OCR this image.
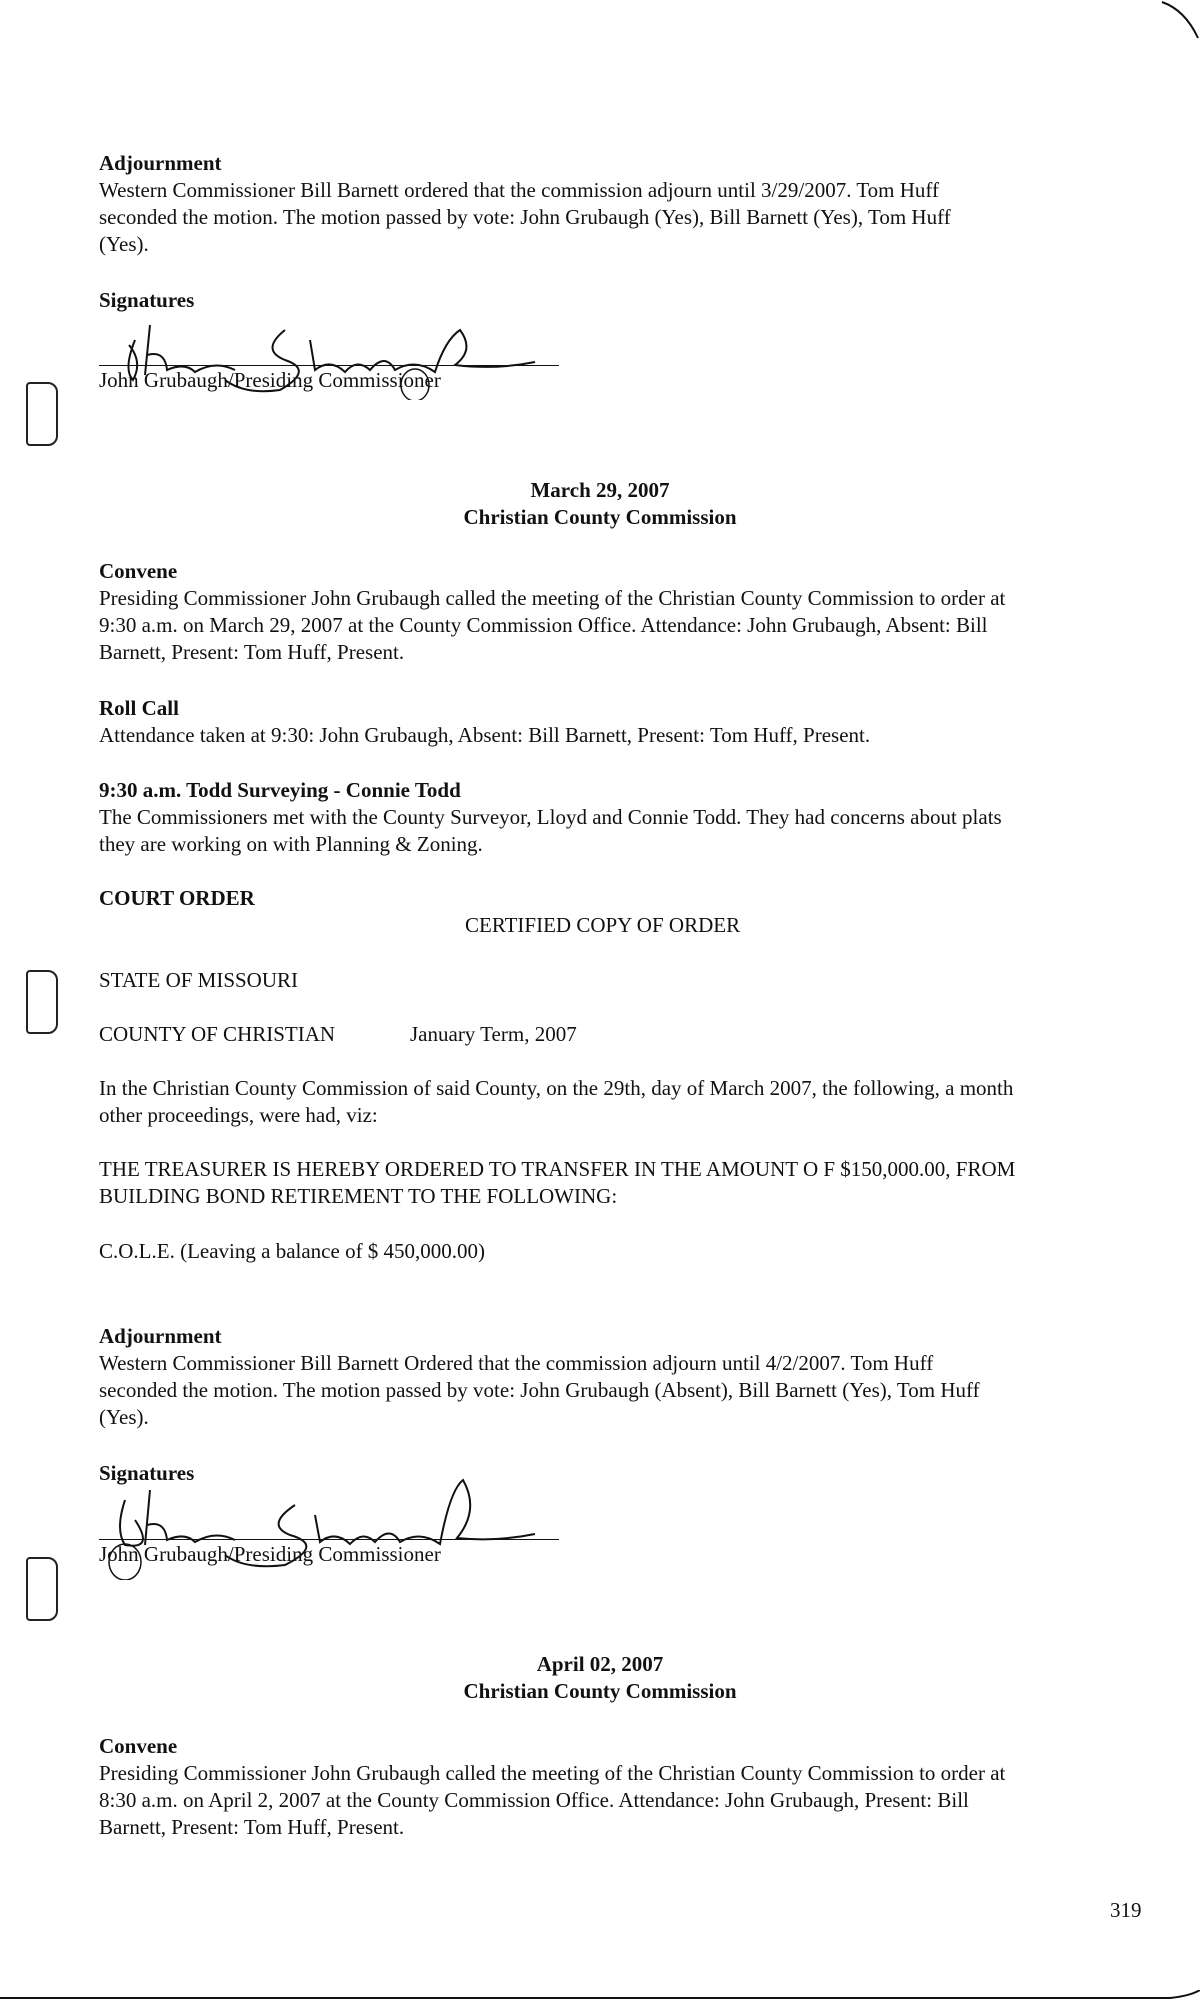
Adjournment
Western Commissioner Bill Barnett ordered that the commission adjourn until 3/29/2007. Tom Huff
seconded the motion. The motion passed by vote: John Grubaugh (Yes), Bill Barnett (Yes), Tom Huff
(Yes).
Signatures
John Grubaugh/Presiding Commissioner
March 29, 2007
Christian County Commission
Convene
Presiding Commissioner John Grubaugh called the meeting of the Christian County Commission to order at
9:30 a.m. on March 29, 2007 at the County Commission Office. Attendance: John Grubaugh, Absent: Bill
Barnett, Present: Tom Huff, Present.
Roll Call
Attendance taken at 9:30: John Grubaugh, Absent: Bill Barnett, Present: Tom Huff, Present.
9:30 a.m. Todd Surveying - Connie Todd
The Commissioners met with the County Surveyor, Lloyd and Connie Todd. They had concerns about plats
they are working on with Planning & Zoning.
COURT ORDER
CERTIFIED COPY OF ORDER
STATE OF MISSOURI
COUNTY OF CHRISTIAN	January Term, 2007
In the Christian County Commission of said County, on the 29th, day of March 2007, the following, a month
other proceedings, were had, viz:
THE TREASURER IS HEREBY ORDERED TO TRANSFER IN THE AMOUNT O F $150,000.00, FROM
BUILDING BOND RETIREMENT TO THE FOLLOWING:
C.O.L.E. (Leaving a balance of $ 450,000.00)
Adjournment
Western Commissioner Bill Barnett Ordered that the commission adjourn until 4/2/2007. Tom Huff
seconded the motion. The motion passed by vote: John Grubaugh (Absent), Bill Barnett (Yes), Tom Huff
(Yes).
Signatures
John Grubaugh/Presiding Commissioner
April 02, 2007
Christian County Commission
Convene
Presiding Commissioner John Grubaugh called the meeting of the Christian County Commission to order at
8:30 a.m. on April 2, 2007 at the County Commission Office. Attendance: John Grubaugh, Present: Bill
Barnett, Present: Tom Huff, Present.
319
